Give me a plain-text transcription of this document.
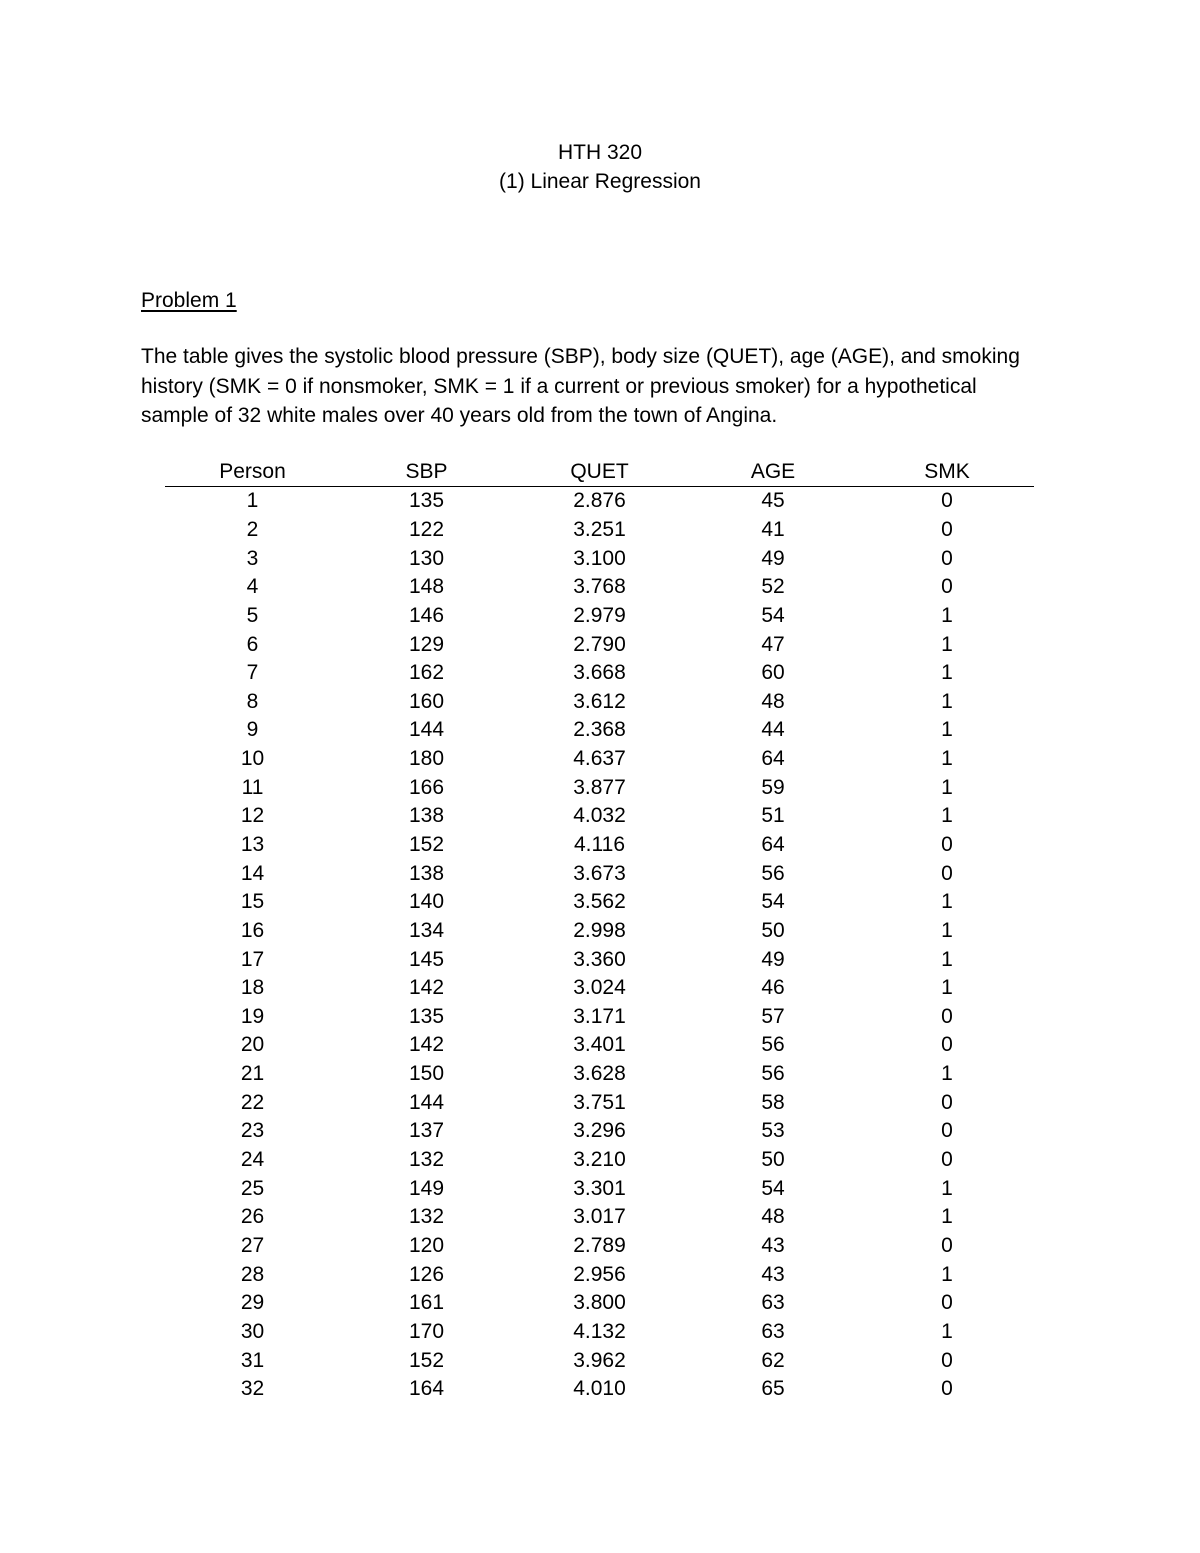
HTH 320
(1) Linear Regression
Problem 1
The table gives the systolic blood pressure (SBP), body size (QUET), age (AGE), and smoking
history (SMK = 0 if nonsmoker, SMK = 1 if a current or previous smoker) for a hypothetical
sample of 32 white males over 40 years old from the town of Angina.
Person	SBP	QUET	AGE	SMK
1	135	2.876	45	0
2	122	3.251	41	0
3	130	3.100	49	0
4	148	3.768	52	0
5	146	2.979	54	1
6	129	2.790	47	1
7	162	3.668	60	1
8	160	3.612	48	1
9	144	2.368	44	1
10	180	4.637	64	1
11	166	3.877	59	1
12	138	4.032	51	1
13	152	4.116	64	0
14	138	3.673	56	0
15	140	3.562	54	1
16	134	2.998	50	1
17	145	3.360	49	1
18	142	3.024	46	1
19	135	3.171	57	0
20	142	3.401	56	0
21	150	3.628	56	1
22	144	3.751	58	0
23	137	3.296	53	0
24	132	3.210	50	0
25	149	3.301	54	1
26	132	3.017	48	1
27	120	2.789	43	0
28	126	2.956	43	1
29	161	3.800	63	0
30	170	4.132	63	1
31	152	3.962	62	0
32	164	4.010	65	0
